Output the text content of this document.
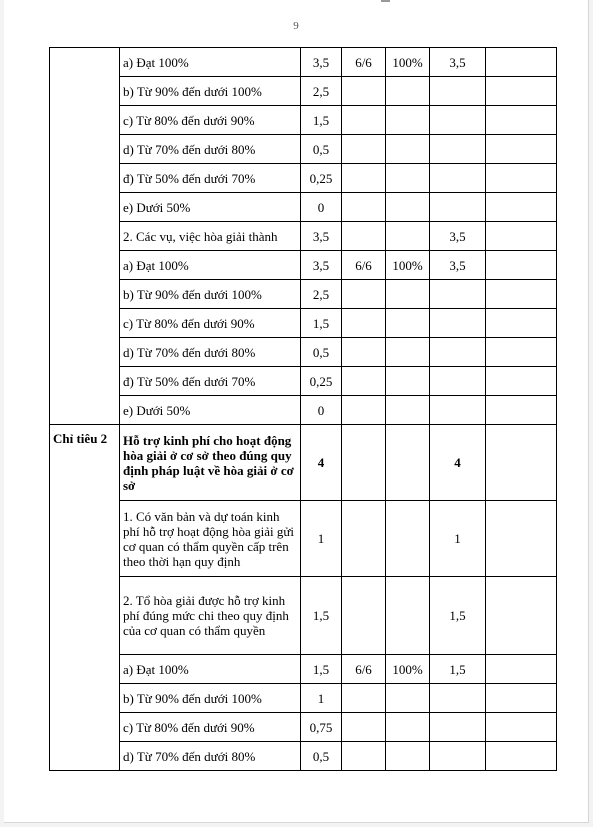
9
	a) Đạt 100%	3,5	6/6	100%	3,5	
	b) Từ 90% đến dưới 100%	2,5				
	c) Từ 80% đến dưới 90%	1,5				
	d) Từ 70% đến dưới 80%	0,5				
	đ) Từ 50% đến dưới 70%	0,25				
	e) Dưới 50%	0				
	2. Các vụ, việc hòa giải thành	3,5			3,5	
	a) Đạt 100%	3,5	6/6	100%	3,5	
	b) Từ 90% đến dưới 100%	2,5				
	c) Từ 80% đến dưới 90%	1,5				
	d) Từ 70% đến dưới 80%	0,5				
	đ) Từ 50% đến dưới 70%	0,25				
	e) Dưới 50%	0				
Chỉ tiêu 2	Hỗ trợ kinh phí cho hoạt động hòa giải ở cơ sở theo đúng quy định pháp luật về hòa giải ở cơ sở	4			4	
	1. Có văn bản và dự toán kinh phí hỗ trợ hoạt động hòa giải gửi cơ quan có thẩm quyền cấp trên theo thời hạn quy định	1			1	
	2. Tổ hòa giải được hỗ trợ kinh phí đúng mức chi theo quy định của cơ quan có thẩm quyền	1,5			1,5	
	a) Đạt 100%	1,5	6/6	100%	1,5	
	b) Từ 90% đến dưới 100%	1				
	c) Từ 80% đến dưới 90%	0,75				
	d) Từ 70% đến dưới 80%	0,5				
